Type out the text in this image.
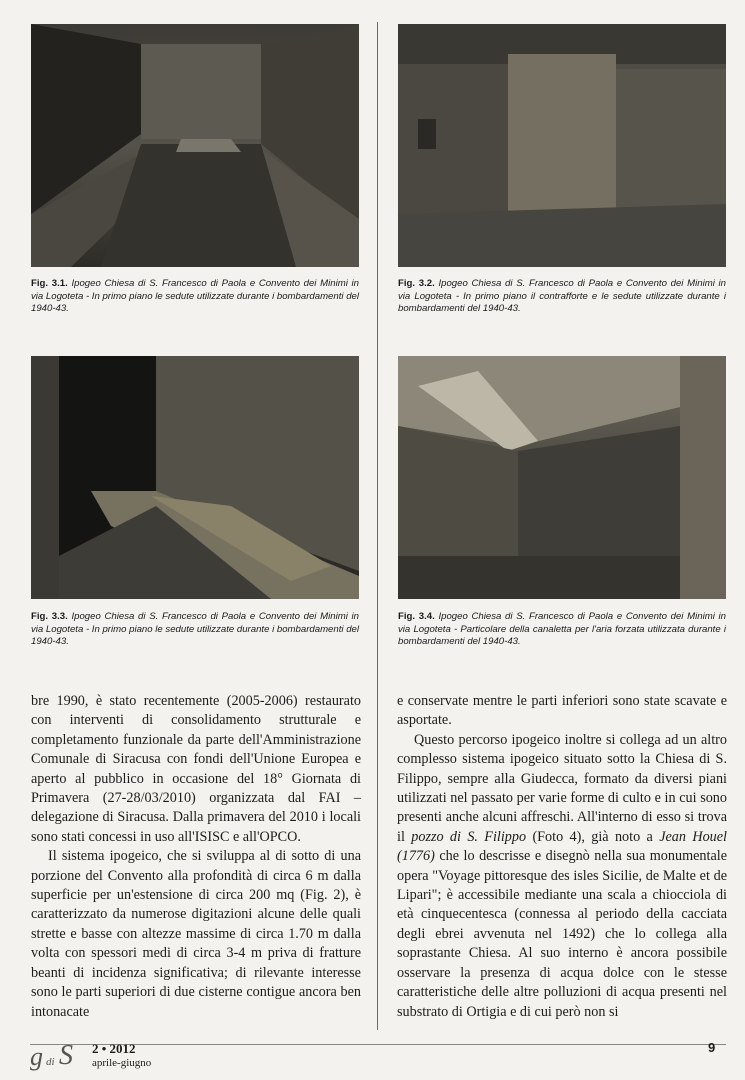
Fig. 3.1. Ipogeo Chiesa di S. Francesco di Paola e Convento dei Minimi in via Logoteta - In primo piano le sedute utilizzate durante i bombardamenti del 1940-43.
Fig. 3.2. Ipogeo Chiesa di S. Francesco di Paola e Convento dei Minimi in via Logoteta - In primo piano il contrafforte e le sedute utilizzate durante i bombardamenti del 1940-43.
Fig. 3.3. Ipogeo Chiesa di S. Francesco di Paola e Convento dei Minimi in via Logoteta - In primo piano le sedute utilizzate durante i bombardamenti del 1940-43.
Fig. 3.4. Ipogeo Chiesa di S. Francesco di Paola e Convento dei Minimi in via Logoteta - Particolare della canaletta per l'aria forzata utilizzata durante i bombardamenti del 1940-43.

bre 1990, è stato recentemente (2005-2006) restaurato con interventi di consolidamento strutturale e completamento funzionale da parte dell'Amministrazione Comunale di Siracusa con fondi dell'Unione Europea e aperto al pubblico in occasione del 18° Giornata di Primavera (27-28/03/2010) organizzata dal FAI – delegazione di Siracusa. Dalla primavera del 2010 i locali sono stati concessi in uso all'ISISC e all'OPCO.

Il sistema ipogeico, che si sviluppa al di sotto di una porzione del Convento alla profondità di circa 6 m dalla superficie per un'estensione di circa 200 mq (Fig. 2), è caratterizzato da numerose digitazioni alcune delle quali strette e basse con altezze massime di circa 1.70 m dalla volta con spessori medi di circa 3-4 m priva di fratture beanti di incidenza significativa; di rilevante interesse sono le parti superiori di due cisterne contigue ancora ben intonacate

e conservate mentre le parti inferiori sono state scavate e asportate.

Questo percorso ipogeico inoltre si collega ad un altro complesso sistema ipogeico situato sotto la Chiesa di S. Filippo, sempre alla Giudecca, formato da diversi piani utilizzati nel passato per varie forme di culto e in cui sono presenti anche alcuni affreschi. All'interno di esso si trova il pozzo di S. Filippo (Foto 4), già noto a Jean Houel (1776) che lo descrisse e disegnò nella sua monumentale opera "Voyage pittoresque des isles Sicilie, de Malte et de Lipari"; è accessibile mediante una scala a chiocciola di età cinquecentesca (connessa al periodo della cacciata degli ebrei avvenuta nel 1492) che lo collega alla soprastante Chiesa. Al suo interno è ancora possibile osservare la presenza di acqua dolce con le stesse caratteristiche delle altre polluzioni di acqua presenti nel substrato di Ortigia e di cui però non si

g di S 2 • 2012
aprile-giugno
9
